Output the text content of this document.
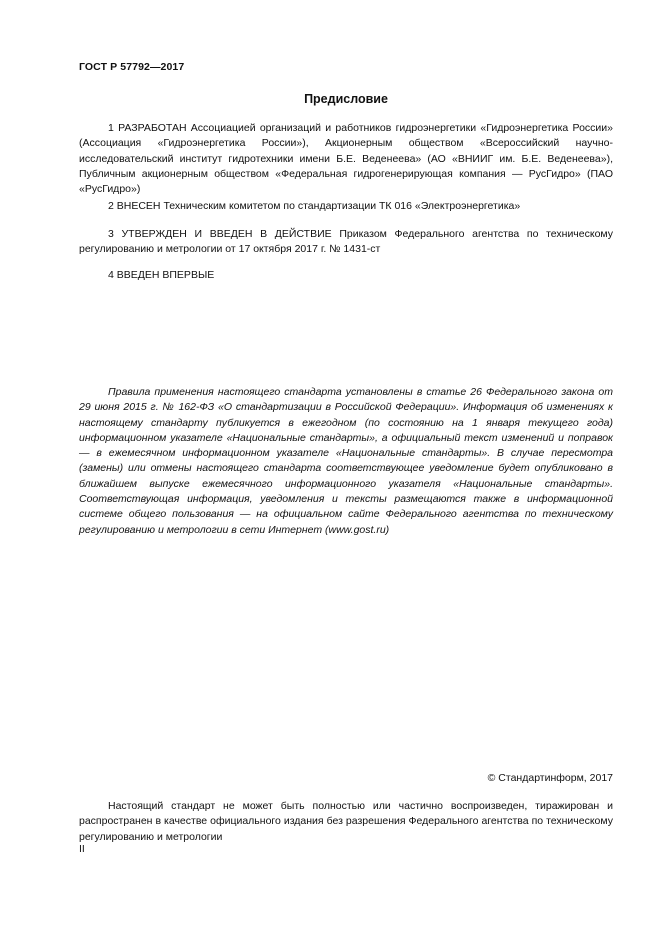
ГОСТ Р 57792—2017
Предисловие
1 РАЗРАБОТАН Ассоциацией организаций и работников гидроэнергетики «Гидроэнергетика России» (Ассоциация «Гидроэнергетика России»), Акционерным обществом «Всероссийский научно-исследовательский институт гидротехники имени Б.Е. Веденеева» (АО «ВНИИГ им. Б.Е. Веденеева»), Публичным акционерным обществом «Федеральная гидрогенерирующая компания — РусГидро» (ПАО «РусГидро»)
2 ВНЕСЕН Техническим комитетом по стандартизации ТК 016 «Электроэнергетика»
3 УТВЕРЖДЕН И ВВЕДЕН В ДЕЙСТВИЕ Приказом Федерального агентства по техническому регулированию и метрологии от 17 октября 2017 г. № 1431-ст
4 ВВЕДЕН ВПЕРВЫЕ
Правила применения настоящего стандарта установлены в статье 26 Федерального закона от 29 июня 2015 г. № 162-ФЗ «О стандартизации в Российской Федерации». Информация об изменениях к настоящему стандарту публикуется в ежегодном (по состоянию на 1 января текущего года) информационном указателе «Национальные стандарты», а официальный текст изменений и поправок — в ежемесячном информационном указателе «Национальные стандарты». В случае пересмотра (замены) или отмены настоящего стандарта соответствующее уведомление будет опубликовано в ближайшем выпуске ежемесячного информационного указателя «Национальные стандарты». Соответствующая информация, уведомления и тексты размещаются также в информационной системе общего пользования — на официальном сайте Федерального агентства по техническому регулированию и метрологии в сети Интернет (www.gost.ru)
© Стандартинформ, 2017
Настоящий стандарт не может быть полностью или частично воспроизведен, тиражирован и распространен в качестве официального издания без разрешения Федерального агентства по техническому регулированию и метрологии
II
